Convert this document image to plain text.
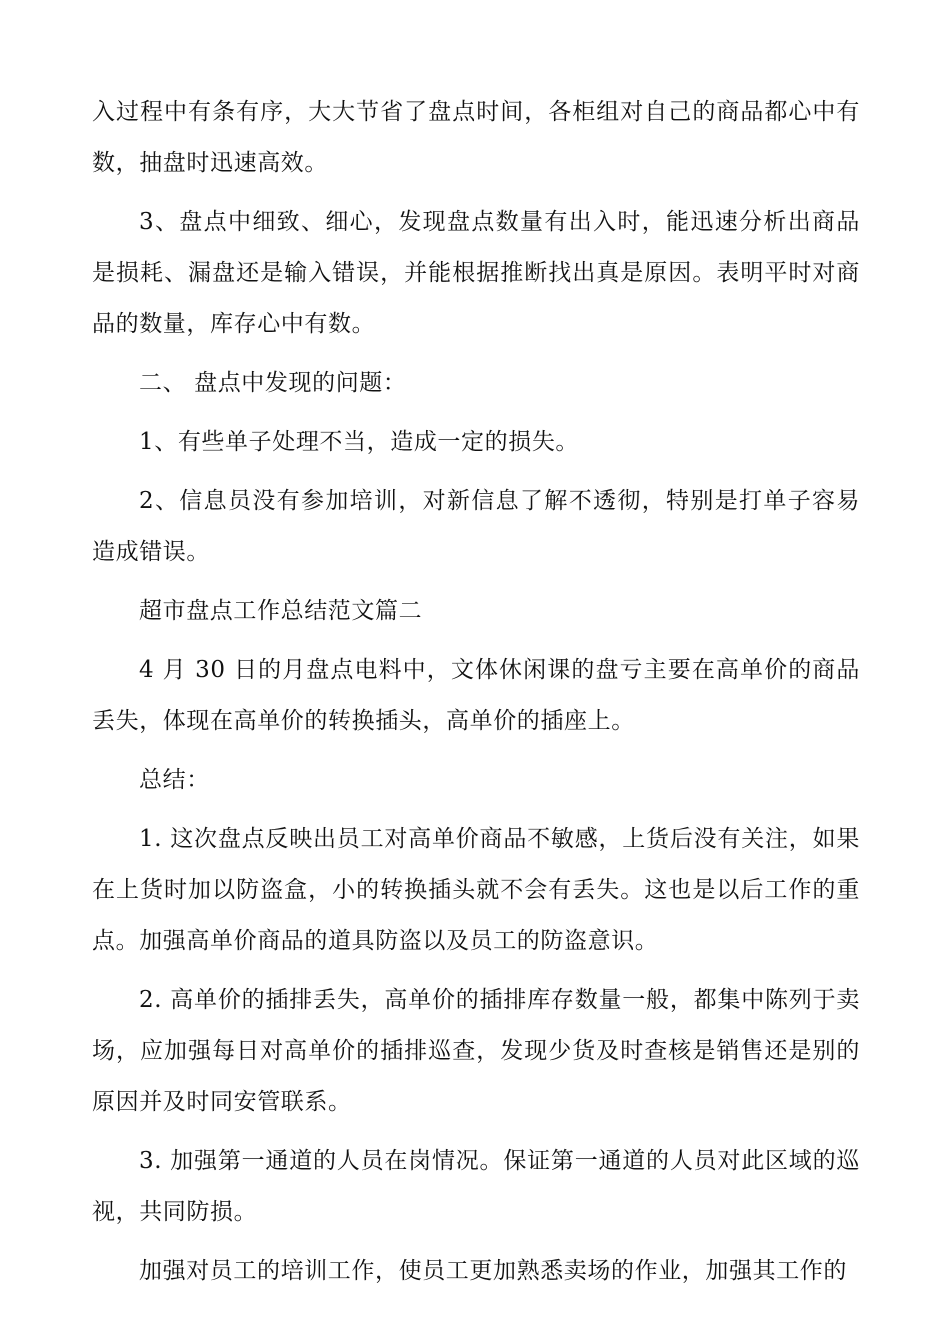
入过程中有条有序，大大节省了盘点时间，各柜组对自己的商品都心中有数，抽盘时迅速高效。

3、盘点中细致、细心，发现盘点数量有出入时，能迅速分析出商品是损耗、漏盘还是输入错误，并能根据推断找出真是原因。表明平时对商品的数量，库存心中有数。

二、 盘点中发现的问题：

1、有些单子处理不当，造成一定的损失。

2、信息员没有参加培训，对新信息了解不透彻，特别是打单子容易造成错误。

超市盘点工作总结范文篇二

4 月 30 日的月盘点电料中，文体休闲课的盘亏主要在高单价的商品丢失，体现在高单价的转换插头，高单价的插座上。

总结：

1. 这次盘点反映出员工对高单价商品不敏感，上货后没有关注，如果在上货时加以防盗盒，小的转换插头就不会有丢失。这也是以后工作的重点。加强高单价商品的道具防盗以及员工的防盗意识。

2. 高单价的插排丢失，高单价的插排库存数量一般，都集中陈列于卖场，应加强每日对高单价的插排巡查，发现少货及时查核是销售还是别的原因并及时同安管联系。

3. 加强第一通道的人员在岗情况。保证第一通道的人员对此区域的巡视，共同防损。

加强对员工的培训工作，使员工更加熟悉卖场的作业，加强其工作的
